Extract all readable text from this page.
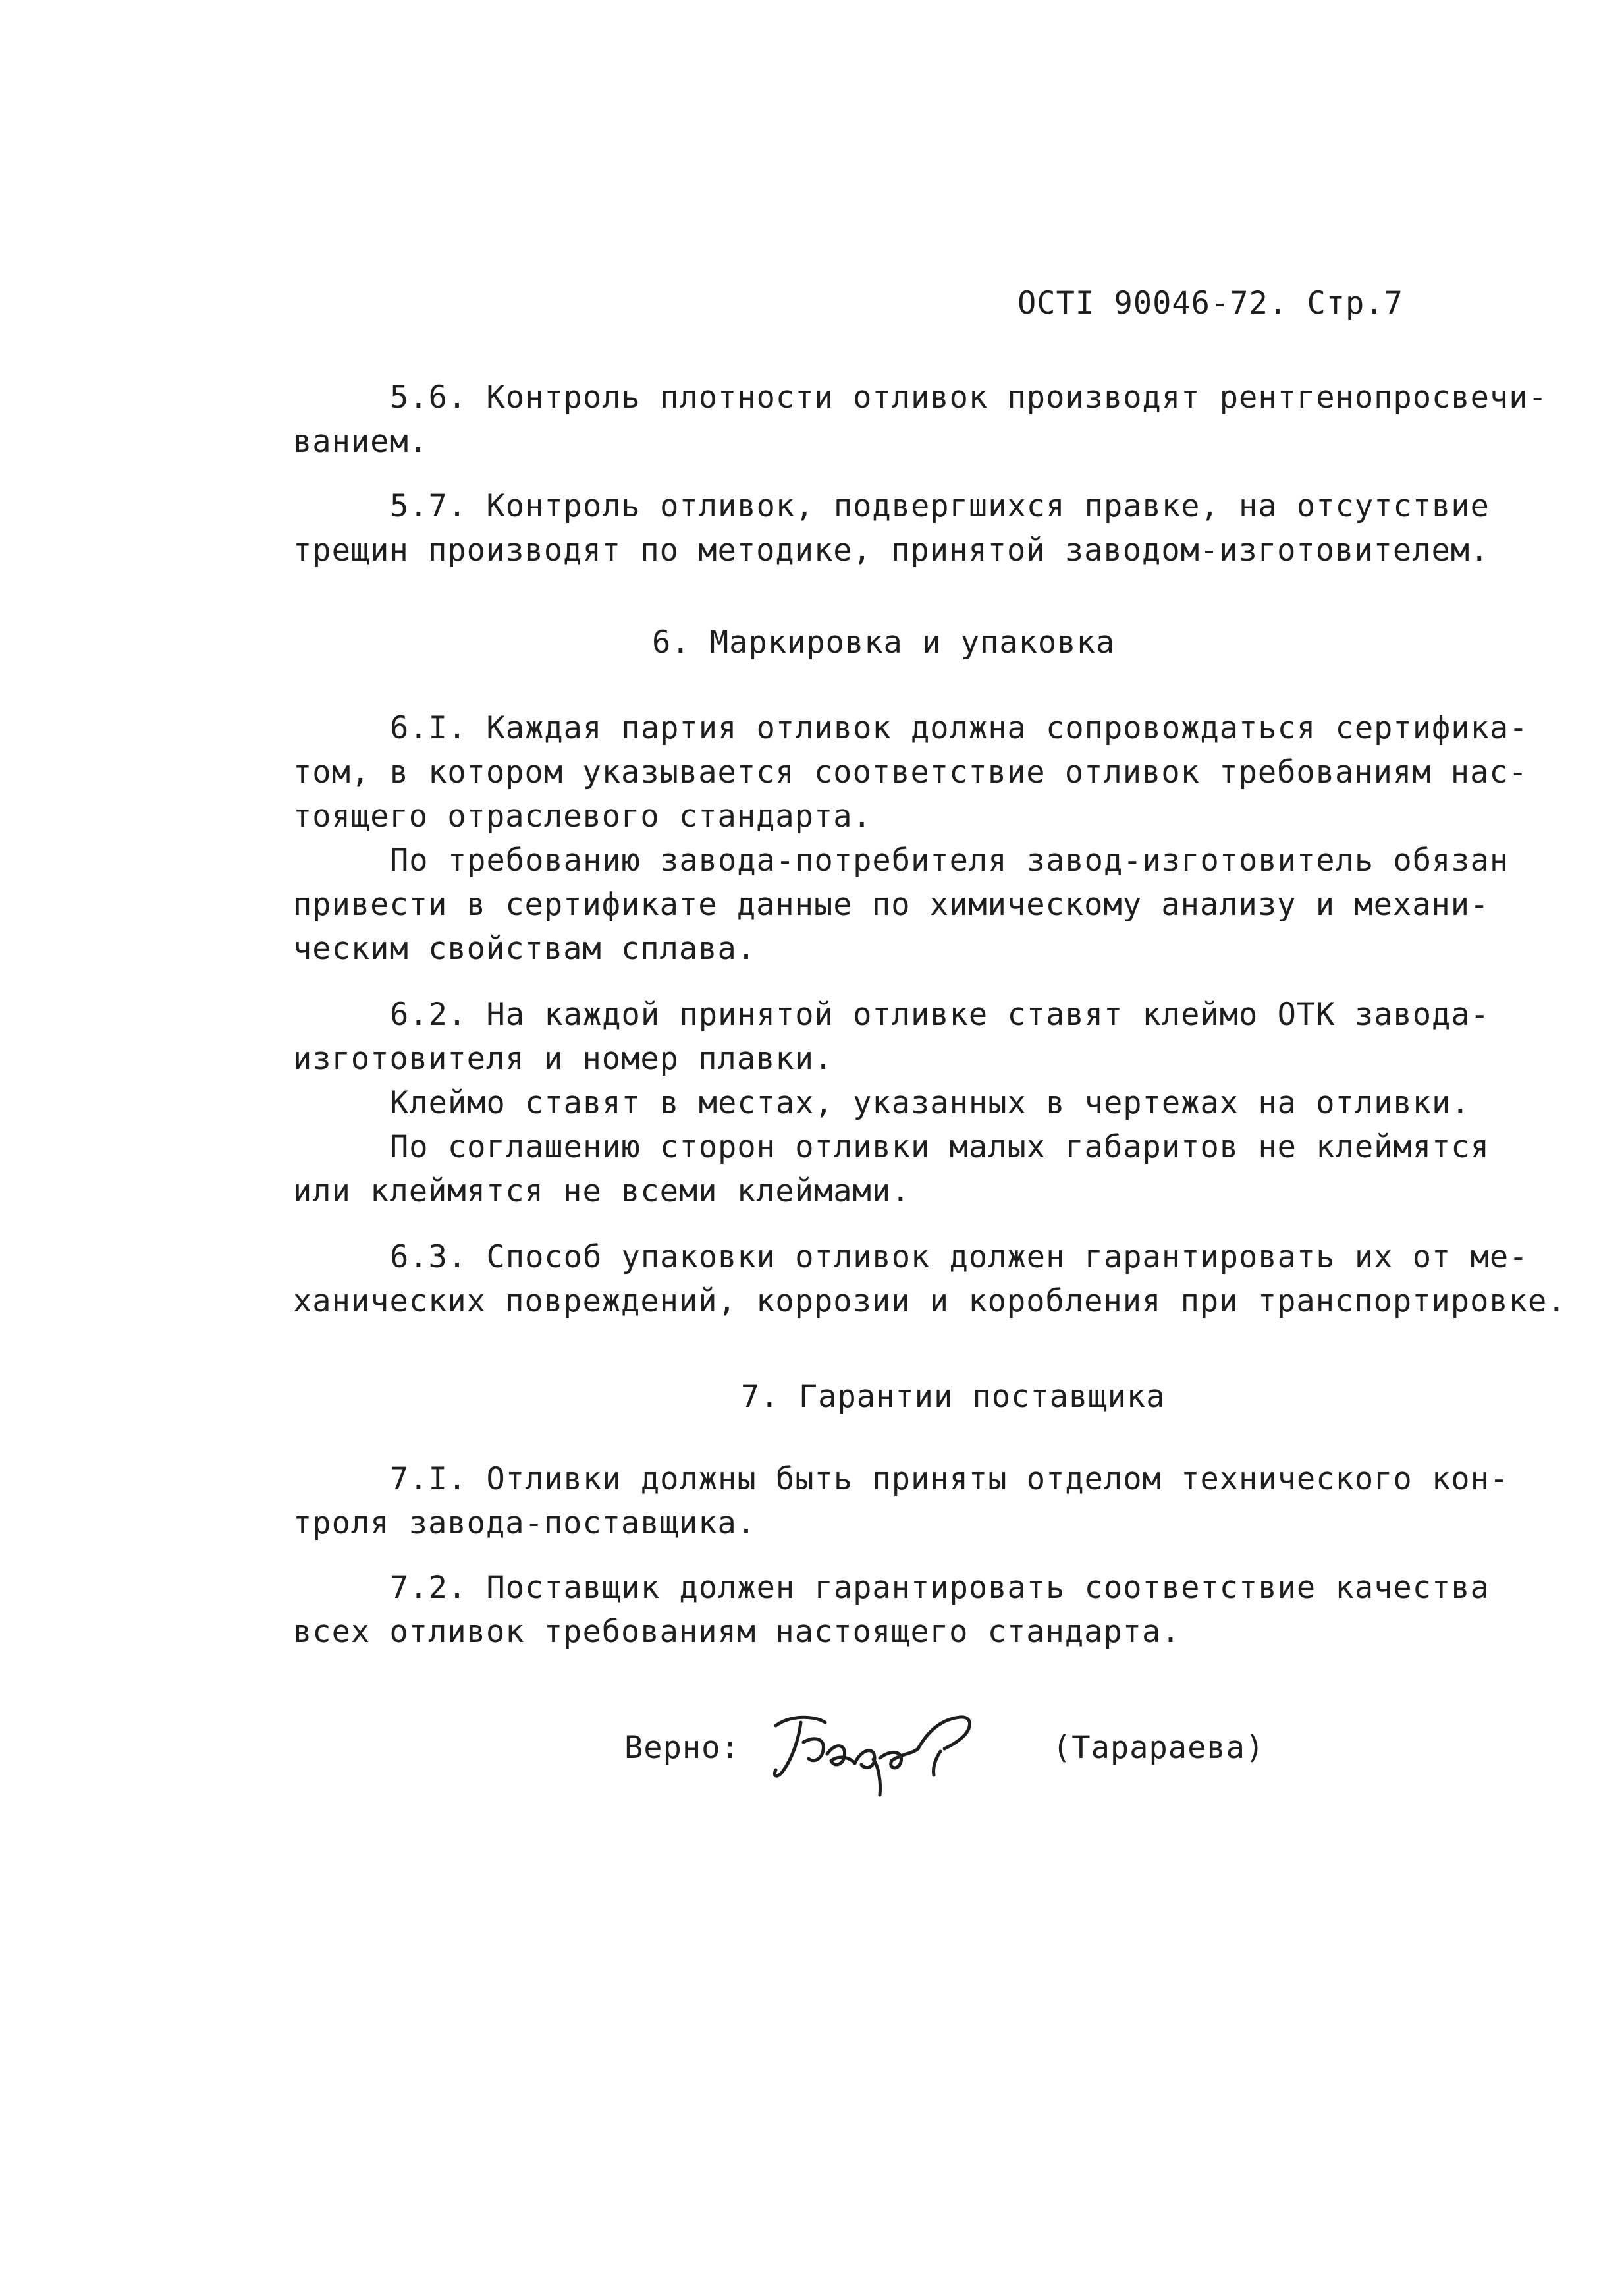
ОСТI 90046-72. Стр.7
5.6. Контроль плотности отливок производят рентгенопросвечи-
ванием.
5.7. Контроль отливок, подвергшихся правке, на отсутствие
трещин производят по методике, принятой заводом-изготовителем.
6. Маркировка и упаковка
6.I. Каждая партия отливок должна сопровождаться сертифика-
том, в котором указывается соответствие отливок требованиям нас-
тоящего отраслевого стандарта.
По требованию завода-потребителя завод-изготовитель обязан
привести в сертификате данные по химическому анализу и механи-
ческим свойствам сплава.
6.2. На каждой принятой отливке ставят клеймо ОТК завода-
изготовителя и номер плавки.
Клеймо ставят в местах, указанных в чертежах на отливки.
По соглашению сторон отливки малых габаритов не клеймятся
или клеймятся не всеми клеймами.
6.3. Способ упаковки отливок должен гарантировать их от ме-
ханических повреждений, коррозии и коробления при транспортировке.
7. Гарантии поставщика
7.I. Отливки должны быть приняты отделом технического кон-
троля завода-поставщика.
7.2. Поставщик должен гарантировать соответствие качества
всех отливок требованиям настоящего стандарта.
Верно:	(Тарараева)
